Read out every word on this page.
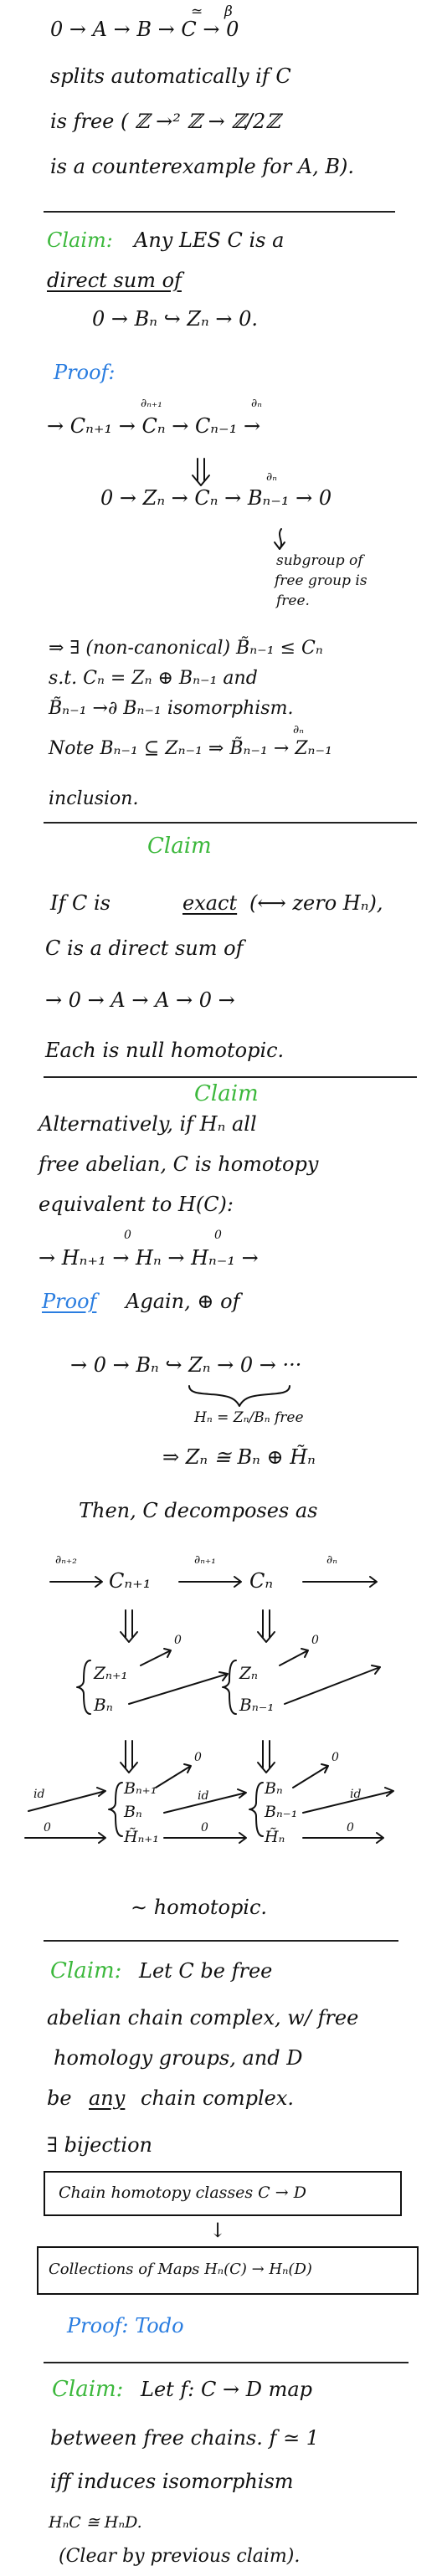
0 → A → B → C → 0
≃ β
splits automatically if C
is free ( ℤ →² ℤ → ℤ/2ℤ
is a counterexample for A, B).
Claim: Any LES C is a
direct sum of
0 → Bₙ ↪ Zₙ → 0.
Proof:
→ Cₙ₊₁ → Cₙ → Cₙ₋₁ →
∂ₙ₊₁	∂ₙ
0 → Zₙ → Cₙ → Bₙ₋₁ → 0
∂ₙ
subgroup of
free group is
free.
⇒ ∃ (non-canonical) B̃ₙ₋₁ ≤ Cₙ
s.t. Cₙ = Zₙ ⊕ Bₙ₋₁ and
B̃ₙ₋₁ →∂ Bₙ₋₁ isomorphism.
Note Bₙ₋₁ ⊆ Zₙ₋₁ ⇒ B̃ₙ₋₁ → Zₙ₋₁
∂ₙ
inclusion.
Claim
If C is	exact (⟷ zero Hₙ),
C is a direct sum of
→ 0 → A → A → 0 →
Each is null homotopic.
Claim
Alternatively, if Hₙ all
free abelian, C is homotopy
equivalent to H(C):
→ Hₙ₊₁ → Hₙ → Hₙ₋₁ →
0	0
Proof Again, ⊕ of
→ 0 → Bₙ ↪ Zₙ → 0 → ···
Hₙ = Zₙ/Bₙ free
⇒ Zₙ ≅ Bₙ ⊕ H̃ₙ
Then, C decomposes as
∂ₙ₊₂	∂ₙ₊₁	∂ₙ
Cₙ₊₁	Cₙ
Zₙ₊₁
Bₙ
Zₙ
Bₙ₋₁
0	0
0	0
id	id	id
0	0	0
Bₙ₊₁
Bₙ
H̃ₙ₊₁
Bₙ
Bₙ₋₁
H̃ₙ
∼ homotopic.
Claim: Let C be free
abelian chain complex, w/ free
homology groups, and D
be any chain complex.
∃ bijection
Chain homotopy classes C → D
↓
Collections of Maps Hₙ(C) → Hₙ(D)
Proof: Todo
Claim: Let f: C → D map
between free chains. f ≃ 1
iff induces isomorphism
HₙC ≅ HₙD.
(Clear by previous claim).
